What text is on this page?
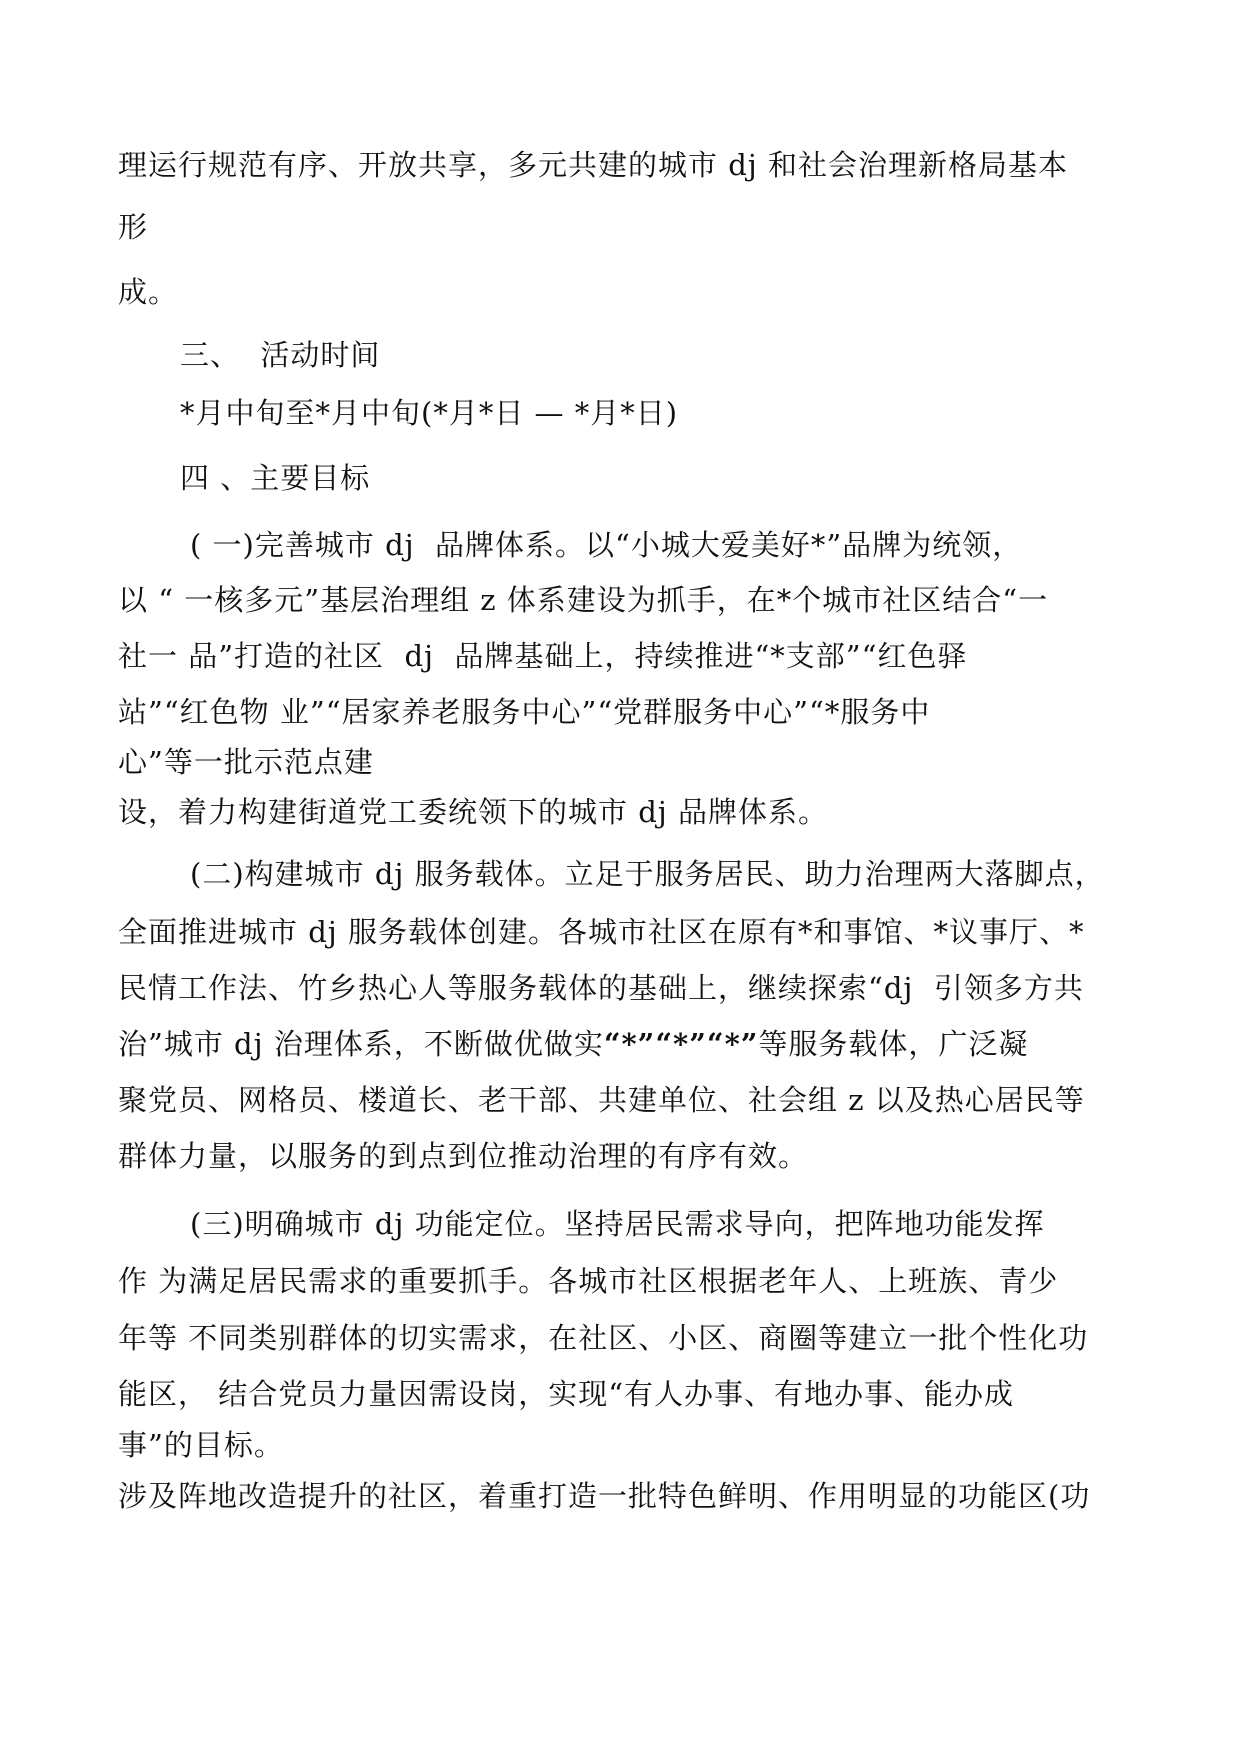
理运行规范有序、开放共享，多元共建的城市 dj 和社会治理新格局基本

形

成。

三、  活动时间

*月中旬至*月中旬(*月*日 — *月*日)

四 、主要目标

( 一)完善城市 dj  品牌体系。以“小城大爱美好*”品牌为统领，

以 “ 一核多元”基层治理组 z 体系建设为抓手，在*个城市社区结合“一

社一 品”打造的社区  dj  品牌基础上，持续推进“*支部”“红色驿

站”“红色物 业”“居家养老服务中心”“党群服务中心”“*服务中

心”等一批示范点建

设，着力构建街道党工委统领下的城市 dj 品牌体系。

(二)构建城市 dj 服务载体。立足于服务居民、助力治理两大落脚点，

全面推进城市 dj 服务载体创建。各城市社区在原有*和事馆、*议事厅、*

民情工作法、竹乡热心人等服务载体的基础上，继续探索“dj  引领多方共

治”城市 dj 治理体系，不断做优做实“*”“*”“*”等服务载体，广泛凝

聚党员、网格员、楼道长、老干部、共建单位、社会组 z 以及热心居民等

群体力量，以服务的到点到位推动治理的有序有效。

(三)明确城市 dj 功能定位。坚持居民需求导向，把阵地功能发挥

作 为满足居民需求的重要抓手。各城市社区根据老年人、上班族、青少

年等 不同类别群体的切实需求，在社区、小区、商圈等建立一批个性化功

能区， 结合党员力量因需设岗，实现“有人办事、有地办事、能办成

事”的目标。

涉及阵地改造提升的社区，着重打造一批特色鲜明、作用明显的功能区(功
